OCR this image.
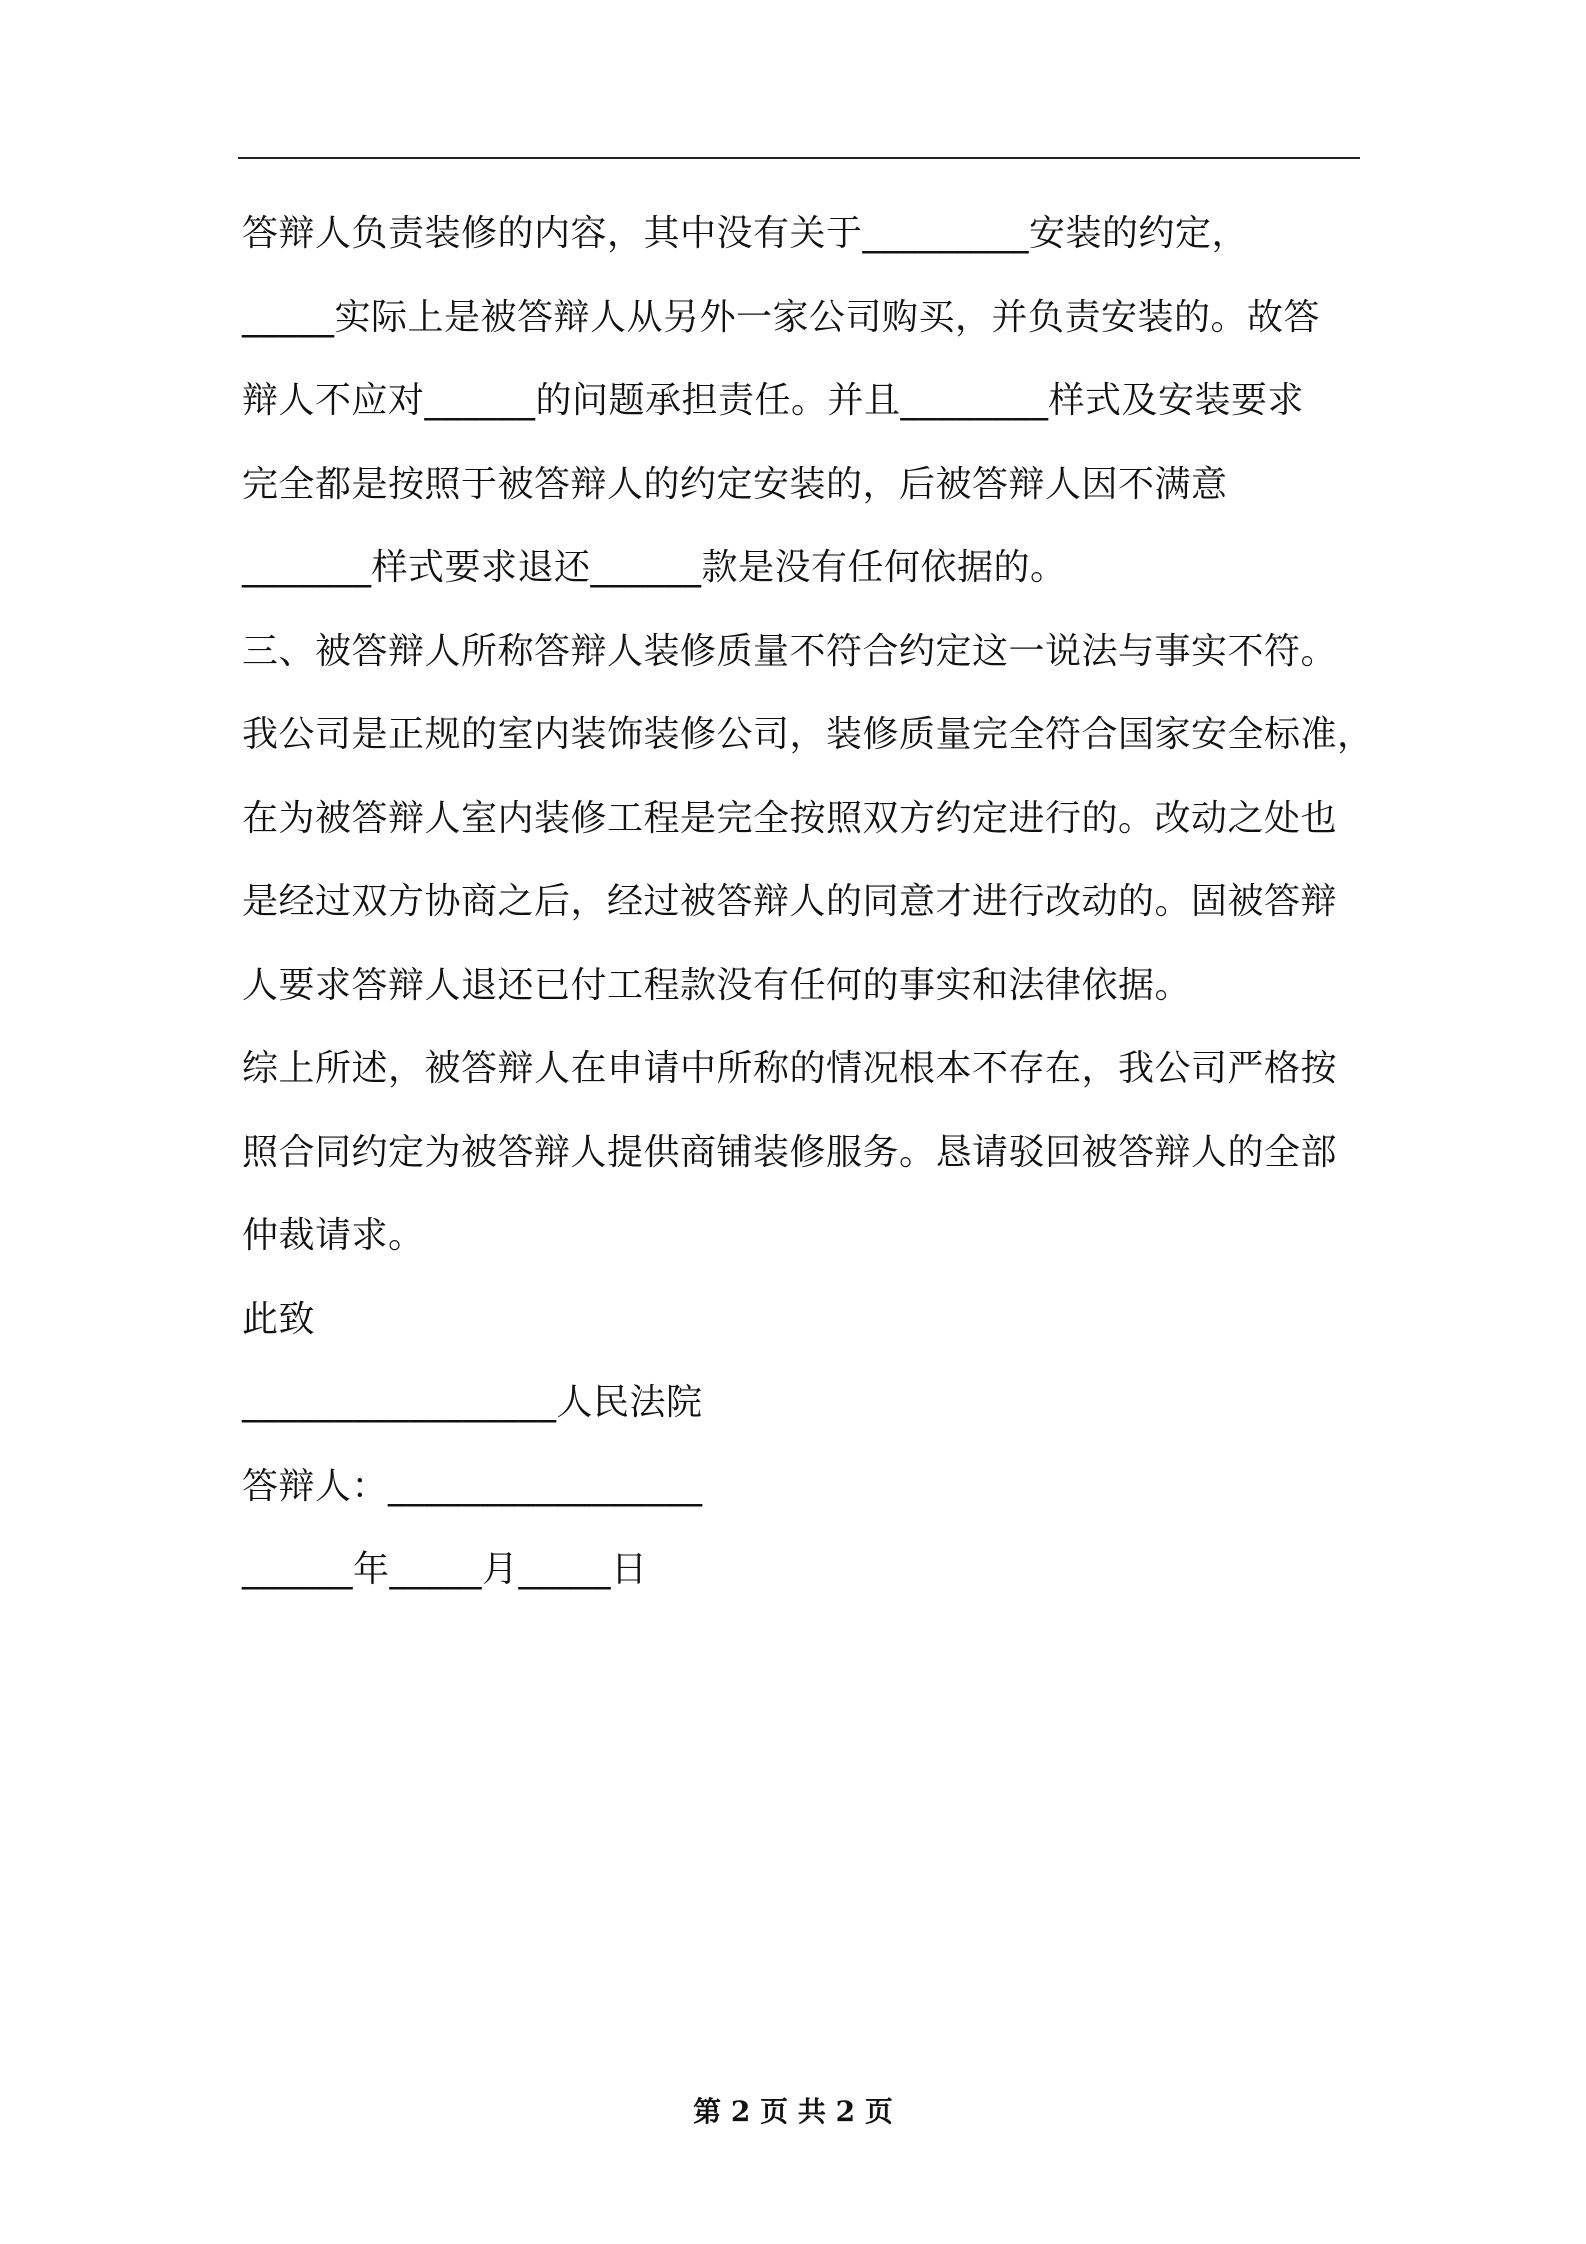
答辩人负责装修的内容，其中没有关于_________安装的约定，
_____实际上是被答辩人从另外一家公司购买，并负责安装的。故答
辩人不应对______的问题承担责任。并且________样式及安装要求
完全都是按照于被答辩人的约定安装的，后被答辩人因不满意
_______样式要求退还______款是没有任何依据的。
三、被答辩人所称答辩人装修质量不符合约定这一说法与事实不符。
我公司是正规的室内装饰装修公司，装修质量完全符合国家安全标准，
在为被答辩人室内装修工程是完全按照双方约定进行的。改动之处也
是经过双方协商之后，经过被答辩人的同意才进行改动的。固被答辩
人要求答辩人退还已付工程款没有任何的事实和法律依据。
综上所述，被答辩人在申请中所称的情况根本不存在，我公司严格按
照合同约定为被答辩人提供商铺装修服务。恳请驳回被答辩人的全部
仲裁请求。
此致
_________________人民法院
答辩人：_________________
______年_____月_____日
第 2 页 共 2 页
